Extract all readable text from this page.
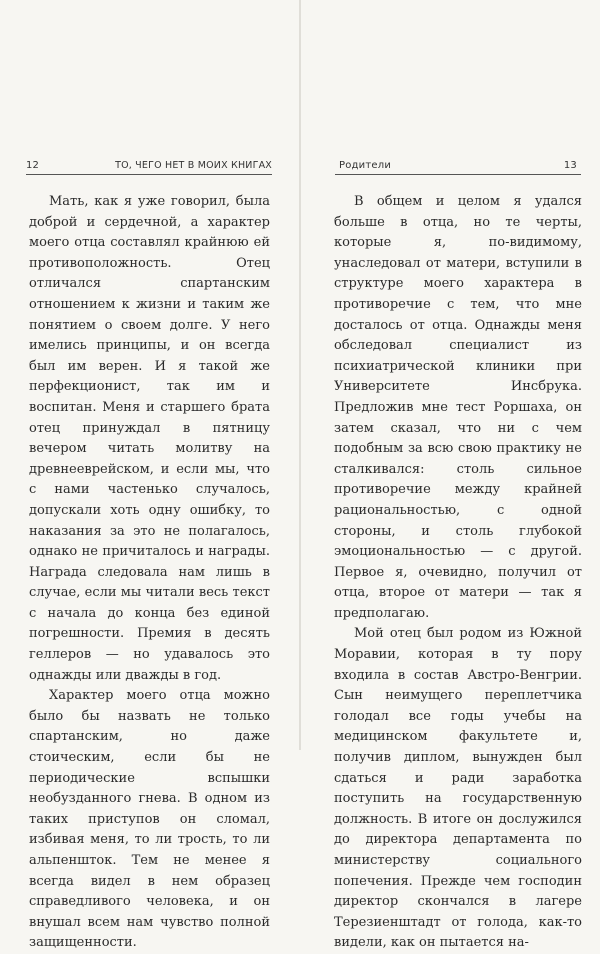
12	ТО, ЧЕГО НЕТ В МОИХ КНИГАХ

Мать, как я уже говорил, была доброй и сердечной, а характер моего отца составлял крайнюю ей противоположность. Отец отличался спартанским отношением к жизни и таким же понятием о своем долге. У него имелись принципы, и он всегда был им верен. И я такой же перфекционист, так им и воспитан. Меня и старшего брата отец принуждал в пятницу вечером читать молитву на древнееврейском, и если мы, что с нами частенько случалось, допускали хоть одну ошибку, то наказания за это не полагалось, однако не причиталось и награды. Награда следовала нам лишь в случае, если мы читали весь текст с начала до конца без единой погрешности. Премия в десять геллеров — но удавалось это однажды или дважды в год.

Характер моего отца можно было бы назвать не только спартанским, но даже стоическим, если бы не периодические вспышки необузданного гнева. В одном из таких приступов он сломал, избивая меня, то ли трость, то ли альпеншток. Тем не менее я всегда видел в нем образец справедливого человека, и он внушал всем нам чувство полной защищенности.

Родители	13

В общем и целом я удался больше в отца, но те черты, которые я, по-видимому, унаследовал от матери, вступили в структуре моего характера в противоречие с тем, что мне досталось от отца. Однажды меня обследовал специалист из психиатрической клиники при Университете Инсбрука. Предложив мне тест Роршаха, он затем сказал, что ни с чем подобным за всю свою практику не сталкивался: столь сильное противоречие между крайней рациональностью, с одной стороны, и столь глубокой эмоциональностью — с другой. Первое я, очевидно, получил от отца, второе от матери — так я предполагаю.

Мой отец был родом из Южной Моравии, которая в ту пору входила в состав Австро-Венгрии. Сын неимущего переплетчика голодал все годы учебы на медицинском факультете и, получив диплом, вынужден был сдаться и ради заработка поступить на государственную должность. В итоге он дослужился до директора департамента по министерству социального попечения. Прежде чем господин директор скончался в лагере Терезиенштадт от голода, как-то видели, как он пытается на-
